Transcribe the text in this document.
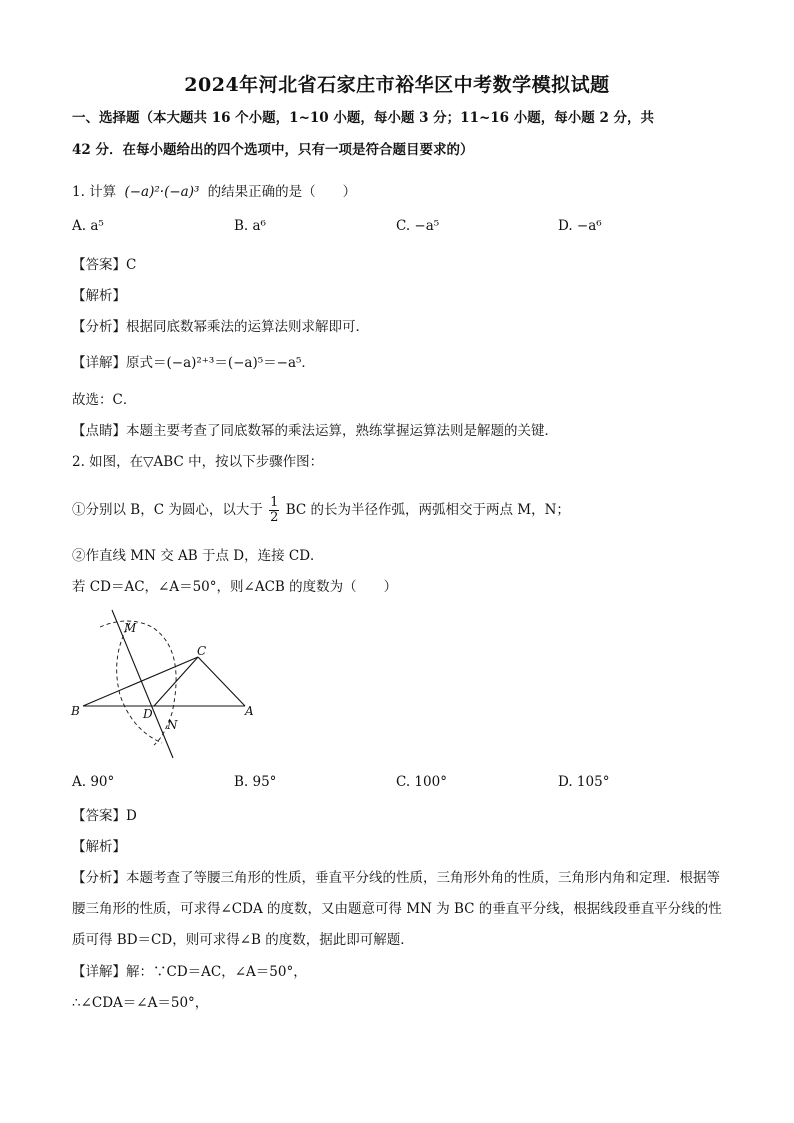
2024年河北省石家庄市裕华区中考数学模拟试题
一、选择题（本大题共 16 个小题，1~10 小题，每小题 3 分；11~16 小题，每小题 2 分，共
42 分．在每小题给出的四个选项中，只有一项是符合题目要求的）
1. 计算 (−a)²·(−a)³ 的结果正确的是（　　）
A. a⁵	B. a⁶	C. −a⁵	D. −a⁶
【答案】C
【解析】
【分析】根据同底数幂乘法的运算法则求解即可．
【详解】原式＝(−a)²⁺³＝(−a)⁵＝−a⁵．
故选：C．
【点睛】本题主要考查了同底数幂的乘法运算，熟练掌握运算法则是解题的关键．
2. 如图，在▽ABC 中，按以下步骤作图：
①分别以 B，C 为圆心，以大于 $\frac{1}{2}$ BC 的长为半径作弧，两弧相交于两点 M，N；
②作直线 MN 交 AB 于点 D，连接 CD．
若 CD＝AC，∠A＝50°，则∠ACB 的度数为（　　）
M
C
B	D	A
N
A. 90°	B. 95°	C. 100°	D. 105°
【答案】D
【解析】
【分析】本题考查了等腰三角形的性质，垂直平分线的性质，三角形外角的性质，三角形内角和定理．根据等腰三角形的性质，可求得∠CDA 的度数，又由题意可得 MN 为 BC 的垂直平分线，根据线段垂直平分线的性质可得 BD＝CD，则可求得∠B 的度数，据此即可解题．
【详解】解：∵CD＝AC，∠A＝50°，
∴∠CDA＝∠A＝50°，
